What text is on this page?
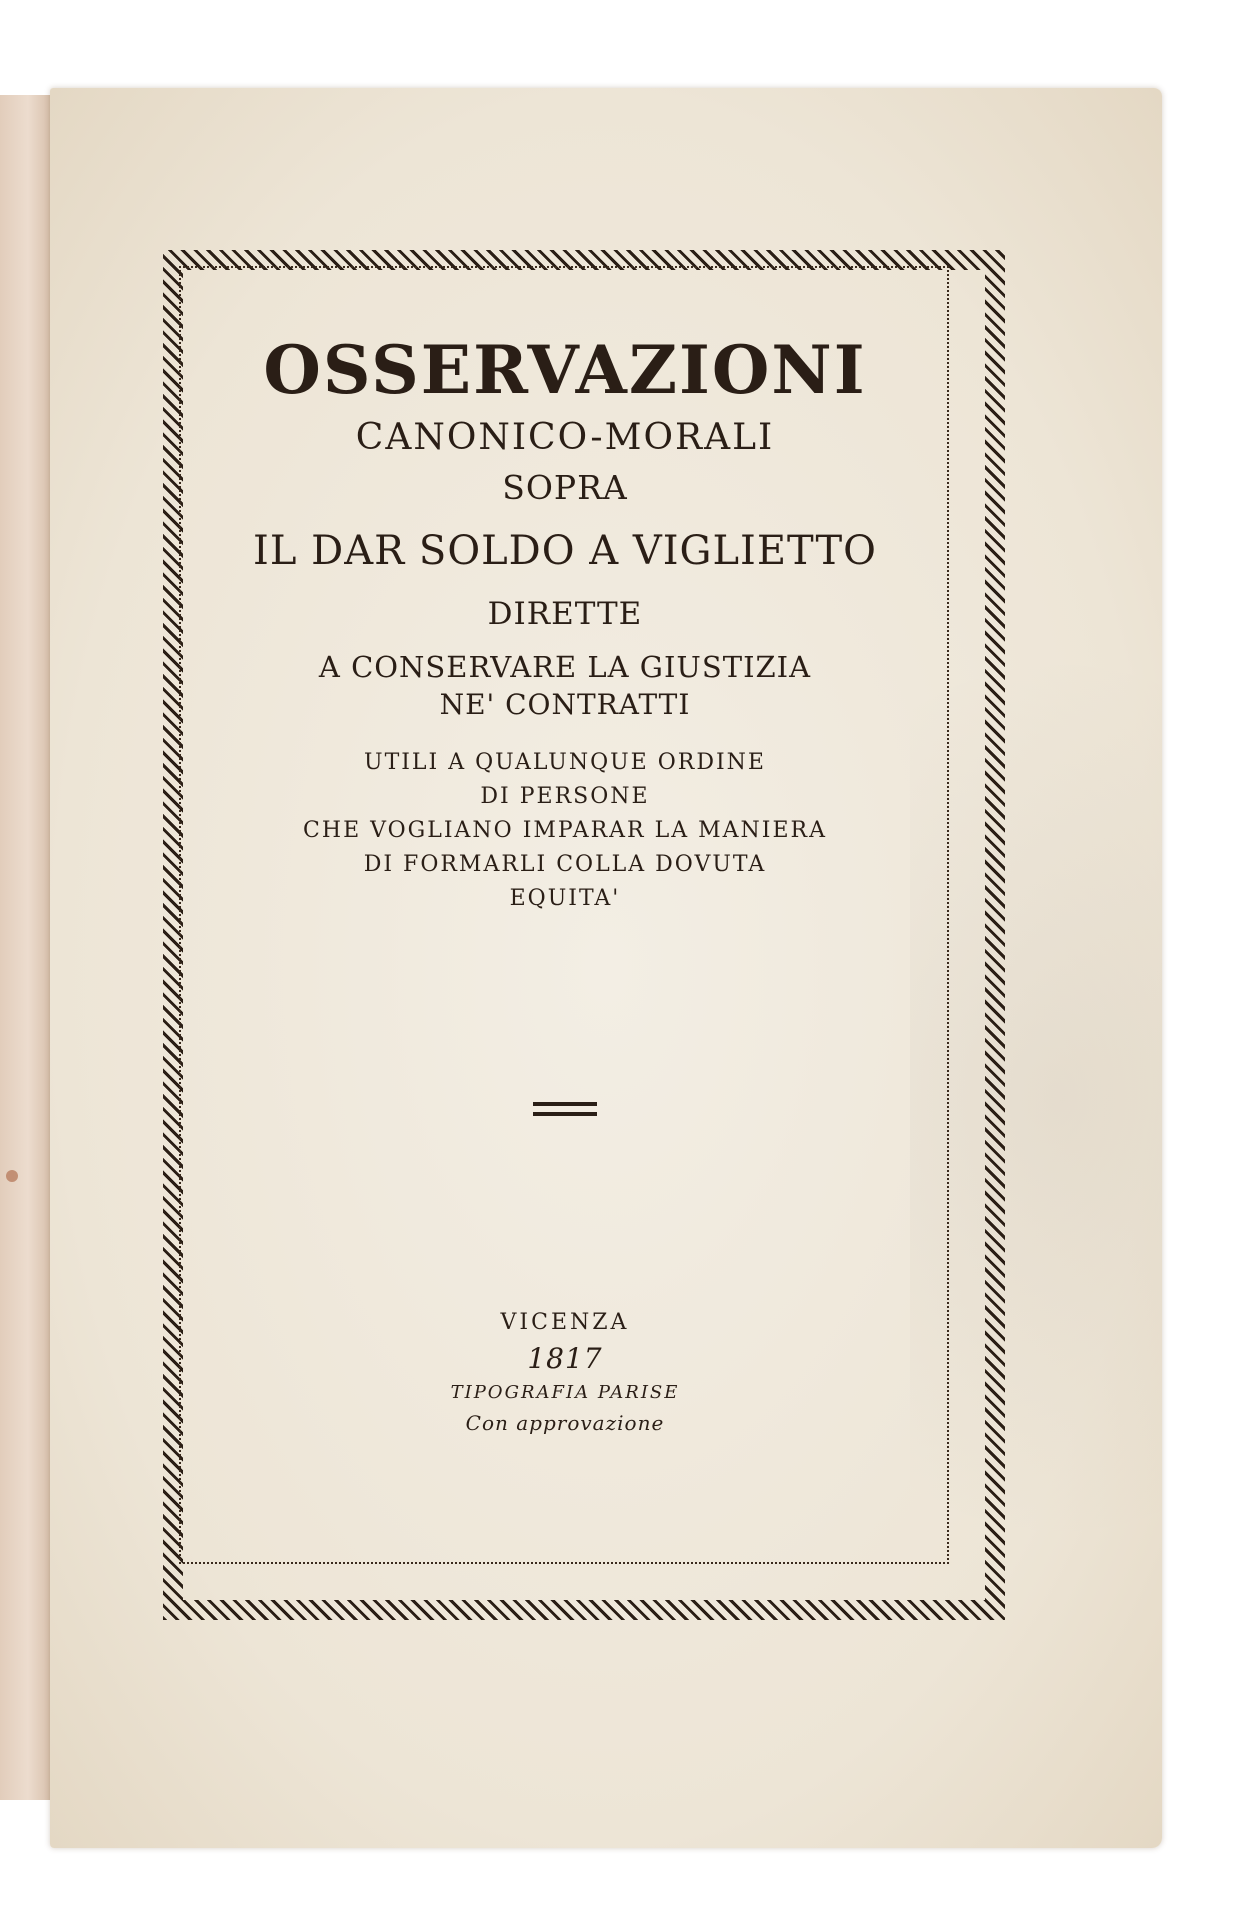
OSSERVAZIONI
CANONICO-MORALI
SOPRA
IL DAR SOLDO A VIGLIETTO
DIRETTE
A CONSERVARE LA GIUSTIZIA
NE' CONTRATTI
UTILI A QUALUNQUE ORDINE
DI PERSONE
CHE VOGLIANO IMPARAR LA MANIERA
DI FORMARLI COLLA DOVUTA
EQUITA'
VICENZA
1817
TIPOGRAFIA PARISE
Con approvazione
